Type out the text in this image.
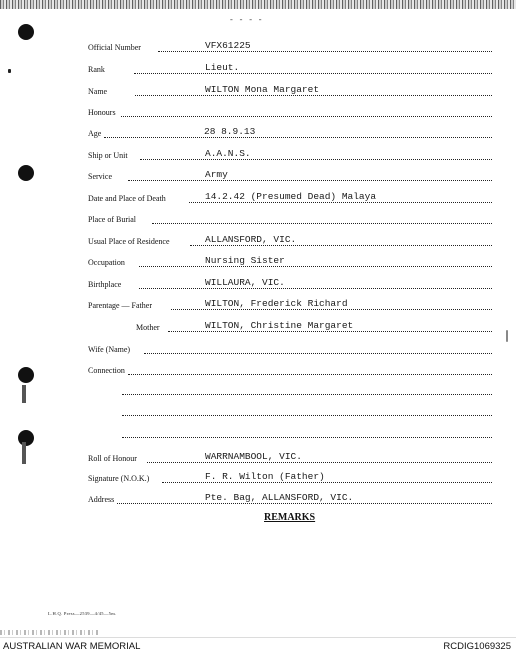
- - - -
Official Number	VFX61225
Rank	Lieut.
Name	WILTON Mona Margaret
Honours
Age	28 8.9.13
Ship or Unit	A.A.N.S.
Service	Army
Date and Place of Death	14.2.42 (Presumed Dead) Malaya
Place of Burial
Usual Place of Residence	ALLANSFORD, VIC.
Occupation	Nursing Sister
Birthplace	WILLAURA, VIC.
Parentage — Father	WILTON, Frederick Richard
Mother	WILTON, Christine Margaret
Wife (Name)
Connection
Roll of Honour	WARRNAMBOOL, VIC.
Signature (N.O.K.)	F. R. Wilton (Father)
Address	Pte. Bag, ALLANSFORD, VIC.
REMARKS
L.H.Q. Press—2539—4/45—5m.
AUSTRALIAN WAR MEMORIAL	RCDIG1069325
